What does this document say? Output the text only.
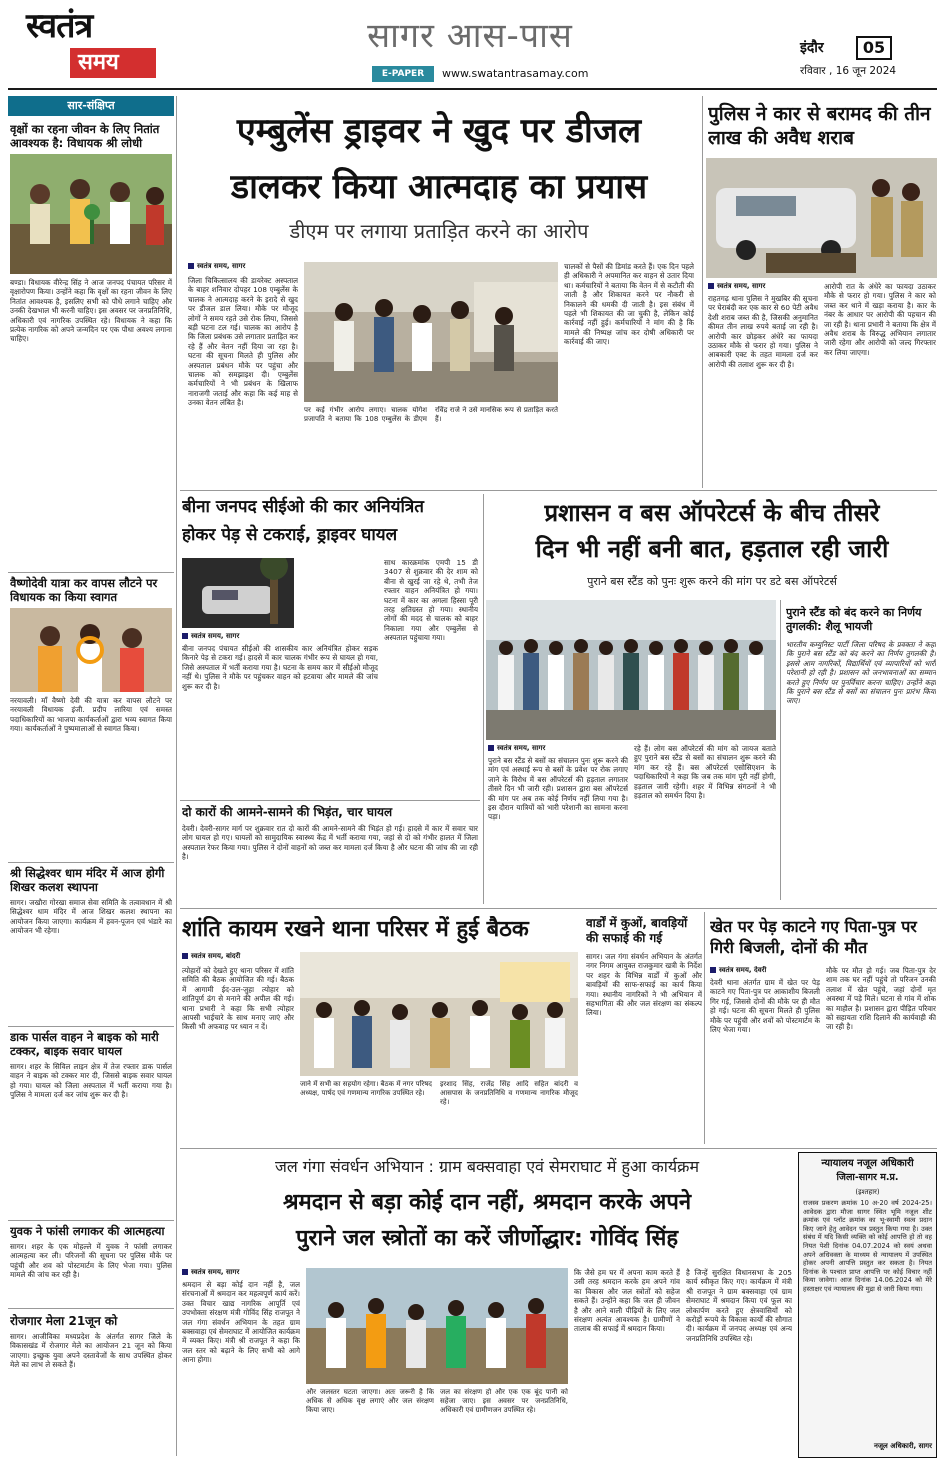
स्वतंत्र
समय
सागर आस-पास
E-PAPER	www.swatantrasamay.com
इंदौर	05
रविवार , 16 जून 2024
सार-संक्षिप्त
वृक्षों का रहना जीवन के लिए नितांत आवश्यक है: विधायक श्री लोधी
बण्डा। विधायक वीरेन्द्र सिंह ने आज जनपद पंचायत परिसर में वृक्षारोपण किया। उन्होंने कहा कि वृक्षों का रहना जीवन के लिए नितांत आवश्यक है, इसलिए सभी को पौधे लगाने चाहिए और उनकी देखभाल भी करनी चाहिए। इस अवसर पर जनप्रतिनिधि, अधिकारी एवं नागरिक उपस्थित रहे। विधायक ने कहा कि प्रत्येक नागरिक को अपने जन्मदिन पर एक पौधा अवश्य लगाना चाहिए।
वैष्णोदेवी यात्रा कर वापस लौटने पर विधायक का किया स्वागत
नरयावली। माँ वैष्णो देवी की यात्रा कर वापस लौटने पर नरयावली विधायक इंजी. प्रदीप लारिया एवं समस्त पदाधिकारियों का भाजपा कार्यकर्ताओं द्वारा भव्य स्वागत किया गया। कार्यकर्ताओं ने पुष्पमालाओं से स्वागत किया।
श्री सिद्धेश्वर धाम मंदिर में आज होगी शिखर कलश स्थापना
सागर। जखौरा गोरखा समाज सेवा समिति के तत्वावधान में श्री सिद्धेश्वर धाम मंदिर में आज शिखर कलश स्थापना का आयोजन किया जाएगा। कार्यक्रम में हवन-पूजन एवं भंडारे का आयोजन भी रहेगा।
डाक पार्सल वाहन ने बाइक को मारी टक्कर, बाइक सवार घायल
सागर। शहर के सिविल लाइन क्षेत्र में तेज रफ्तार डाक पार्सल वाहन ने बाइक को टक्कर मार दी, जिससे बाइक सवार घायल हो गया। घायल को जिला अस्पताल में भर्ती कराया गया है। पुलिस ने मामला दर्ज कर जांच शुरू कर दी है।
युवक ने फांसी लगाकर की आत्महत्या
सागर। शहर के एक मोहल्ले में युवक ने फांसी लगाकर आत्महत्या कर ली। परिजनों की सूचना पर पुलिस मौके पर पहुंची और शव को पोस्टमार्टम के लिए भेजा गया। पुलिस मामले की जांच कर रही है।
रोजगार मेला 21जून को
सागर। आजीविका मध्यप्रदेश के अंतर्गत सागर जिले के विकासखंड में रोजगार मेले का आयोजन 21 जून को किया जाएगा। इच्छुक युवा अपने दस्तावेजों के साथ उपस्थित होकर मेले का लाभ ले सकते हैं।
एम्बुलेंस ड्राइवर ने खुद पर डीजल
डालकर किया आत्मदाह का प्रयास
डीएम पर लगाया प्रताड़ित करने का आरोप
स्वतंत्र समय, सागर
जिला चिकित्सालय की डायरेक्ट अस्पताल के बाहर शनिवार दोपहर 108 एम्बुलेंस के चालक ने आत्मदाह करने के इरादे से खुद पर डीजल डाल लिया। मौके पर मौजूद लोगों ने समय रहते उसे रोक लिया, जिससे बड़ी घटना टल गई। चालक का आरोप है कि जिला प्रबंधक उसे लगातार प्रताड़ित कर रहे हैं और वेतन नहीं दिया जा रहा है। घटना की सूचना मिलते ही पुलिस और अस्पताल प्रबंधन मौके पर पहुंचा और चालक को समझाइश दी। एम्बुलेंस कर्मचारियों ने भी प्रबंधन के खिलाफ नाराजगी जताई और कहा कि कई माह से उनका वेतन लंबित है।
पर कई गंभीर आरोप लगाए। चालक योगेश प्रजापति ने बताया कि 108 एम्बुलेंस के डीएम रविंद्र राजे ने उसे मानसिक रूप से प्रताड़ित करते हैं।
चालकों से पैसों की डिमांड करते हैं। एक दिन पहले ही अधिकारी ने अपमानित कर वाहन से उतार दिया था। कर्मचारियों ने बताया कि वेतन में से कटौती की जाती है और शिकायत करने पर नौकरी से निकालने की धमकी दी जाती है। इस संबंध में पहले भी शिकायत की जा चुकी है, लेकिन कोई कार्रवाई नहीं हुई। कर्मचारियों ने मांग की है कि मामले की निष्पक्ष जांच कर दोषी अधिकारी पर कार्रवाई की जाए।
पुलिस ने कार से बरामद की तीन लाख की अवैध शराब
स्वतंत्र समय, सागर
राहतगढ़ थाना पुलिस ने मुखबिर की सूचना पर घेराबंदी कर एक कार से 60 पेटी अवैध देशी शराब जब्त की है, जिसकी अनुमानित कीमत तीन लाख रुपये बताई जा रही है। आरोपी कार छोड़कर अंधेरे का फायदा उठाकर मौके से फरार हो गया। पुलिस ने आबकारी एक्ट के तहत मामला दर्ज कर आरोपी की तलाश शुरू कर दी है।
आरोपी रात के अंधेरे का फायदा उठाकर मौके से फरार हो गया। पुलिस ने कार को जब्त कर थाने में खड़ा कराया है। कार के नंबर के आधार पर आरोपी की पहचान की जा रही है। थाना प्रभारी ने बताया कि क्षेत्र में अवैध शराब के विरुद्ध अभियान लगातार जारी रहेगा और आरोपी को जल्द गिरफ्तार कर लिया जाएगा।
बीना जनपद सीईओ की कार अनियंत्रित
होकर पेड़ से टकराई, ड्राइवर घायल
स्वतंत्र समय, सागर
बीना जनपद पंचायत सीईओ की शासकीय कार अनियंत्रित होकर सड़क किनारे पेड़ से टकरा गई। हादसे में कार चालक गंभीर रूप से घायल हो गया, जिसे अस्पताल में भर्ती कराया गया है। घटना के समय कार में सीईओ मौजूद नहीं थे। पुलिस ने मौके पर पहुंचकर वाहन को हटवाया और मामले की जांच शुरू कर दी है।
साथ कारक्रमांक एमपी 15 डी 3407 से शुक्रवार की देर शाम को बीना से खुरई जा रहे थे, तभी तेज रफ्तार वाहन अनियंत्रित हो गया। घटना में कार का अगला हिस्सा पूरी तरह क्षतिग्रस्त हो गया। स्थानीय लोगों की मदद से चालक को बाहर निकाला गया और एम्बुलेंस से अस्पताल पहुंचाया गया।
दो कारों की आमने-सामने की भिड़ंत, चार घायल
देवरी। देवरी-सागर मार्ग पर शुक्रवार रात दो कारों की आमने-सामने की भिड़ंत हो गई। हादसे में कार में सवार चार लोग घायल हो गए। घायलों को सामुदायिक स्वास्थ्य केंद्र में भर्ती कराया गया, जहां से दो को गंभीर हालत में जिला अस्पताल रेफर किया गया। पुलिस ने दोनों वाहनों को जब्त कर मामला दर्ज किया है और घटना की जांच की जा रही है।
प्रशासन व बस ऑपरेटर्स के बीच तीसरे
दिन भी नहीं बनी बात, हड़ताल रही जारी
पुराने बस स्टैंड को पुनः शुरू करने की मांग पर डटे बस ऑपरेटर्स
स्वतंत्र समय, सागर
पुराने बस स्टैंड से बसों का संचालन पुनः शुरू करने की मांग एवं अस्थाई रूप से बसों के प्रवेश पर रोक लगाए जाने के विरोध में बस ऑपरेटर्स की हड़ताल लगातार तीसरे दिन भी जारी रही। प्रशासन द्वारा बस ऑपरेटर्स की मांग पर अब तक कोई निर्णय नहीं लिया गया है। इस दौरान यात्रियों को भारी परेशानी का सामना करना पड़ा।
रहे हैं। लोग बस ऑपरेटर्स की मांग को जायज बताते हुए पुराने बस स्टैंड से बसों का संचालन शुरू करने की मांग कर रहे हैं। बस ऑपरेटर्स एसोसिएशन के पदाधिकारियों ने कहा कि जब तक मांग पूरी नहीं होगी, हड़ताल जारी रहेगी। शहर में विभिन्न संगठनों ने भी हड़ताल को समर्थन दिया है।
पुराने स्टैंड को बंद करने का निर्णय तुगलकी: शैलू भायजी
भारतीय कम्युनिस्ट पार्टी जिला परिषद के प्रवक्ता ने कहा कि पुराने बस स्टैंड को बंद करने का निर्णय तुगलकी है। इससे आम नागरिकों, विद्यार्थियों एवं व्यापारियों को भारी परेशानी हो रही है। प्रशासन को जनभावनाओं का सम्मान करते हुए निर्णय पर पुनर्विचार करना चाहिए। उन्होंने कहा कि पुराने बस स्टैंड से बसों का संचालन पुनः प्रारंभ किया जाए।
शांति कायम रखने थाना परिसर में हुई बैठक
स्वतंत्र समय, बांदरी
त्योहारों को देखते हुए थाना परिसर में शांति समिति की बैठक आयोजित की गई। बैठक में आगामी ईद-उल-जुहा त्योहार को शांतिपूर्ण ढंग से मनाने की अपील की गई। थाना प्रभारी ने कहा कि सभी त्योहार आपसी भाईचारे के साथ मनाए जाएं और किसी भी अफवाह पर ध्यान न दें।
जाने में सभी का सहयोग रहेगा। बैठक में नगर परिषद अध्यक्ष, पार्षद एवं गणमान्य नागरिक उपस्थित रहे।
इरशाद सिंह, राजेंद्र सिंह आदि सहित बांदरी व आसपास के जनप्रतिनिधि व गणमान्य नागरिक मौजूद रहे।
वार्डों में कुओं, बावड़ियों की सफाई की गई
सागर। जल गंगा संवर्धन अभियान के अंतर्गत नगर निगम आयुक्त राजकुमार खत्री के निर्देश पर शहर के विभिन्न वार्डों में कुओं और बावड़ियों की साफ-सफाई का कार्य किया गया। स्थानीय नागरिकों ने भी अभियान में सहभागिता की और जल संरक्षण का संकल्प लिया।
खेत पर पेड़ काटने गए पिता-पुत्र पर गिरी बिजली, दोनों की मौत
स्वतंत्र समय, देवरी
देवरी थाना अंतर्गत ग्राम में खेत पर पेड़ काटने गए पिता-पुत्र पर आकाशीय बिजली गिर गई, जिससे दोनों की मौके पर ही मौत हो गई। घटना की सूचना मिलते ही पुलिस मौके पर पहुंची और शवों को पोस्टमार्टम के लिए भेजा गया।
मौके पर मौत हो गई। जब पिता-पुत्र देर शाम तक घर नहीं पहुंचे तो परिजन उनकी तलाश में खेत पहुंचे, जहां दोनों मृत अवस्था में पड़े मिले। घटना से गांव में शोक का माहौल है। प्रशासन द्वारा पीड़ित परिवार को सहायता राशि दिलाने की कार्यवाही की जा रही है।
जल गंगा संवर्धन अभियान : ग्राम बक्सवाहा एवं सेमराघाट में हुआ कार्यक्रम
श्रमदान से बड़ा कोई दान नहीं, श्रमदान करके अपने
पुराने जल स्त्रोतों का करें जीर्णोद्धार: गोविंद सिंह
स्वतंत्र समय, सागर
श्रमदान से बड़ा कोई दान नहीं है, जल संरचनाओं में श्रमदान कर महत्वपूर्ण कार्य करें। उक्त विचार खाद्य नागरिक आपूर्ति एवं उपभोक्ता संरक्षण मंत्री गोविंद सिंह राजपूत ने जल गंगा संवर्धन अभियान के तहत ग्राम बक्सवाहा एवं सेमराघाट में आयोजित कार्यक्रम में व्यक्त किए। मंत्री श्री राजपूत ने कहा कि जल स्तर को बढ़ाने के लिए सभी को आगे आना होगा।
और जलस्तर घटता जाएगा। अतः जरूरी है कि अधिक से अधिक वृक्ष लगाएं और जल संरक्षण किया जाए।
जल का संरक्षण हो और एक एक बूंद पानी को सहेजा जाए। इस अवसर पर जनप्रतिनिधि, अधिकारी एवं ग्रामीणजन उपस्थित रहे।
कि जैसे हम घर में अपना काम करते हैं उसी तरह श्रमदान करके हम अपने गांव का विकास और जल स्त्रोतों को सहेज सकते हैं। उन्होंने कहा कि जल ही जीवन है और आने वाली पीढ़ियों के लिए जल संरक्षण अत्यंत आवश्यक है। ग्रामीणों ने तालाब की सफाई में श्रमदान किया।
है जिन्हें सुरक्षित विधानसभा के 205 कार्य स्वीकृत किए गए। कार्यक्रम में मंत्री श्री राजपूत ने ग्राम बक्सवाहा एवं ग्राम सेमराघाट में श्रमदान किया एवं फूल का लोकार्पण करते हुए क्षेत्रवासियों को करोड़ों रूपये के विकास कार्यों की सौगात दी। कार्यक्रम में जनपद अध्यक्ष एवं अन्य जनप्रतिनिधि उपस्थित रहे।
न्यायालय नजूल अधिकारी
जिला-सागर म.प्र.
(इश्तहार)
राजस्व प्रकरण क्रमांक 10 अ-20 वर्ष 2024-25। आवेदक द्वारा मौजा सागर स्थित भूमि नजूल शीट क्रमांक एवं प्लॉट क्रमांक का भू-स्वामी स्वत्व प्रदान किए जाने हेतु आवेदन पत्र प्रस्तुत किया गया है। उक्त संबंध में यदि किसी व्यक्ति को कोई आपत्ति हो तो वह नियत पेशी दिनांक 04.07.2024 को स्वयं अथवा अपने अधिवक्ता के माध्यम से न्यायालय में उपस्थित होकर अपनी आपत्ति प्रस्तुत कर सकता है। नियत दिनांक के पश्चात प्राप्त आपत्ति पर कोई विचार नहीं किया जावेगा। आज दिनांक 14.06.2024 को मेरे हस्ताक्षर एवं न्यायालय की मुद्रा से जारी किया गया।
नजूल अधिकारी, सागर
